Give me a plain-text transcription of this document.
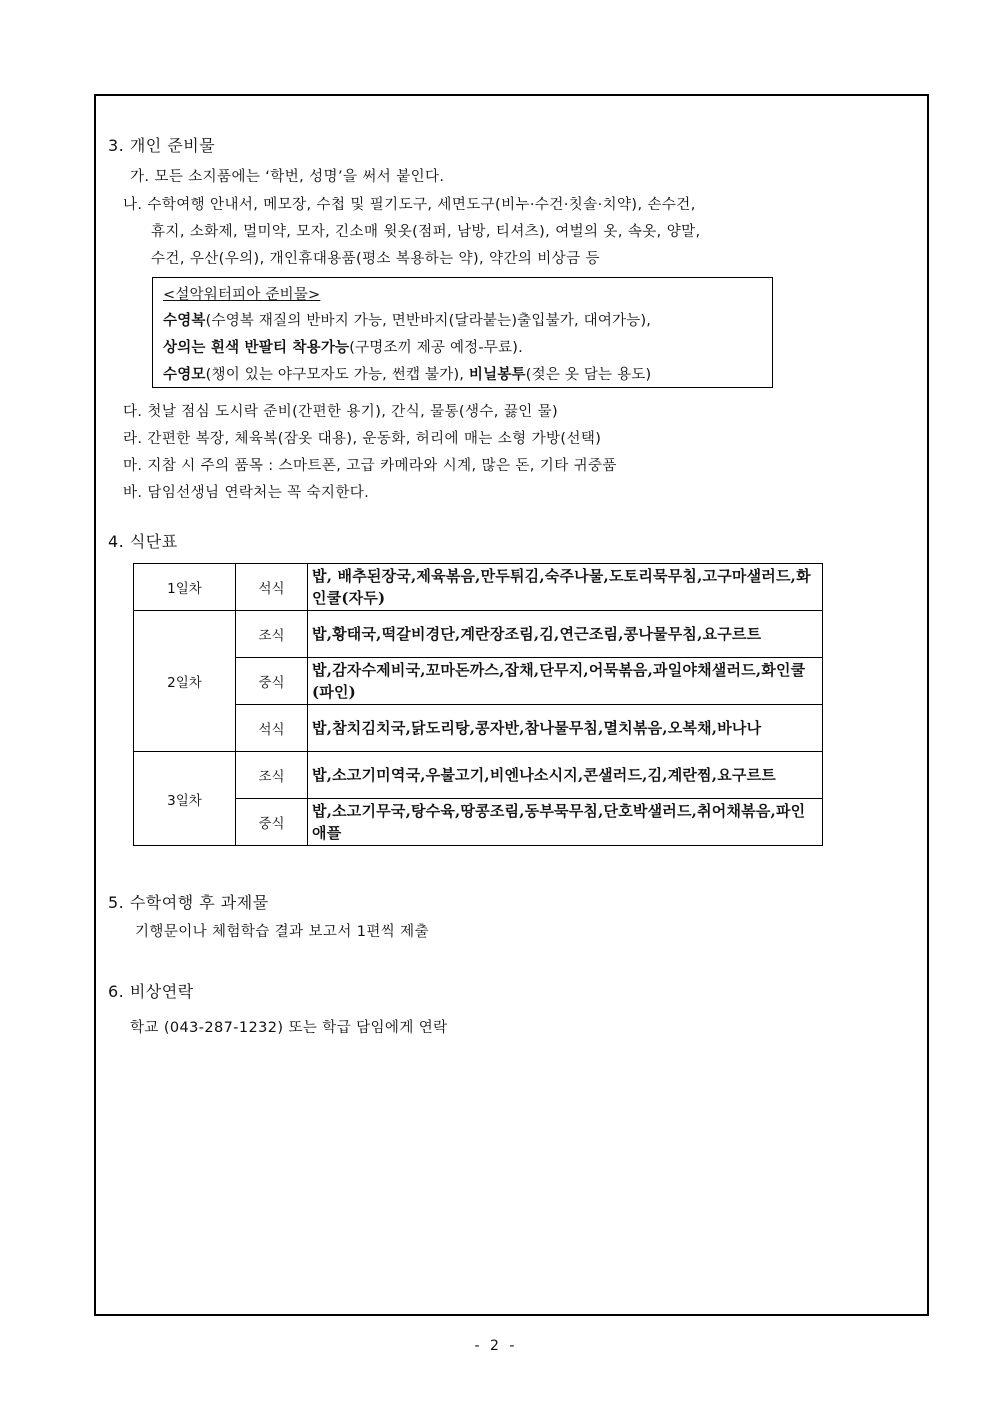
3. 개인 준비물
가. 모든 소지품에는 ‘학번, 성명’을 써서 붙인다.
나. 수학여행 안내서, 메모장, 수첩 및 필기도구, 세면도구(비누·수건·칫솔·치약), 손수건,
휴지, 소화제, 멀미약, 모자, 긴소매 윗옷(점퍼, 남방, 티셔츠), 여벌의 옷, 속옷, 양말,
수건, 우산(우의), 개인휴대용품(평소 복용하는 약), 약간의 비상금 등
<설악워터피아 준비물>
수영복(수영복 재질의 반바지 가능, 면반바지(달라붙는)출입불가, 대여가능),
상의는 흰색 반팔티 착용가능(구명조끼 제공 예정-무료).
수영모(챙이 있는 야구모자도 가능, 썬캡 불가), 비닐봉투(젖은 옷 담는 용도)
다. 첫날 점심 도시락 준비(간편한 용기), 간식, 물통(생수, 끓인 물)
라. 간편한 복장, 체육복(잠옷 대용), 운동화, 허리에 매는 소형 가방(선택)
마. 지참 시 주의 품목 : 스마트폰, 고급 카메라와 시계, 많은 돈, 기타 귀중품
바. 담임선생님 연락처는 꼭 숙지한다.
4. 식단표
1일차	석식	밥, 배추된장국,제육볶음,만두튀김,숙주나물,도토리묵무침,고구마샐러드,화인쿨(자두)
2일차	조식	밥,황태국,떡갈비경단,계란장조림,김,연근조림,콩나물무침,요구르트
	중식	밥,감자수제비국,꼬마돈까스,잡채,단무지,어묵볶음,과일야채샐러드,화인쿨(파인)
	석식	밥,참치김치국,닭도리탕,콩자반,참나물무침,멸치볶음,오복채,바나나
3일차	조식	밥,소고기미역국,우불고기,비엔나소시지,콘샐러드,김,계란찜,요구르트
	중식	밥,소고기무국,탕수육,땅콩조림,동부묵무침,단호박샐러드,취어채볶음,파인애플
5. 수학여행 후 과제물
기행문이나 체험학습 결과 보고서 1편씩 제출
6. 비상연락
학교 (043-287-1232) 또는 학급 담임에게 연락
- 2 -
